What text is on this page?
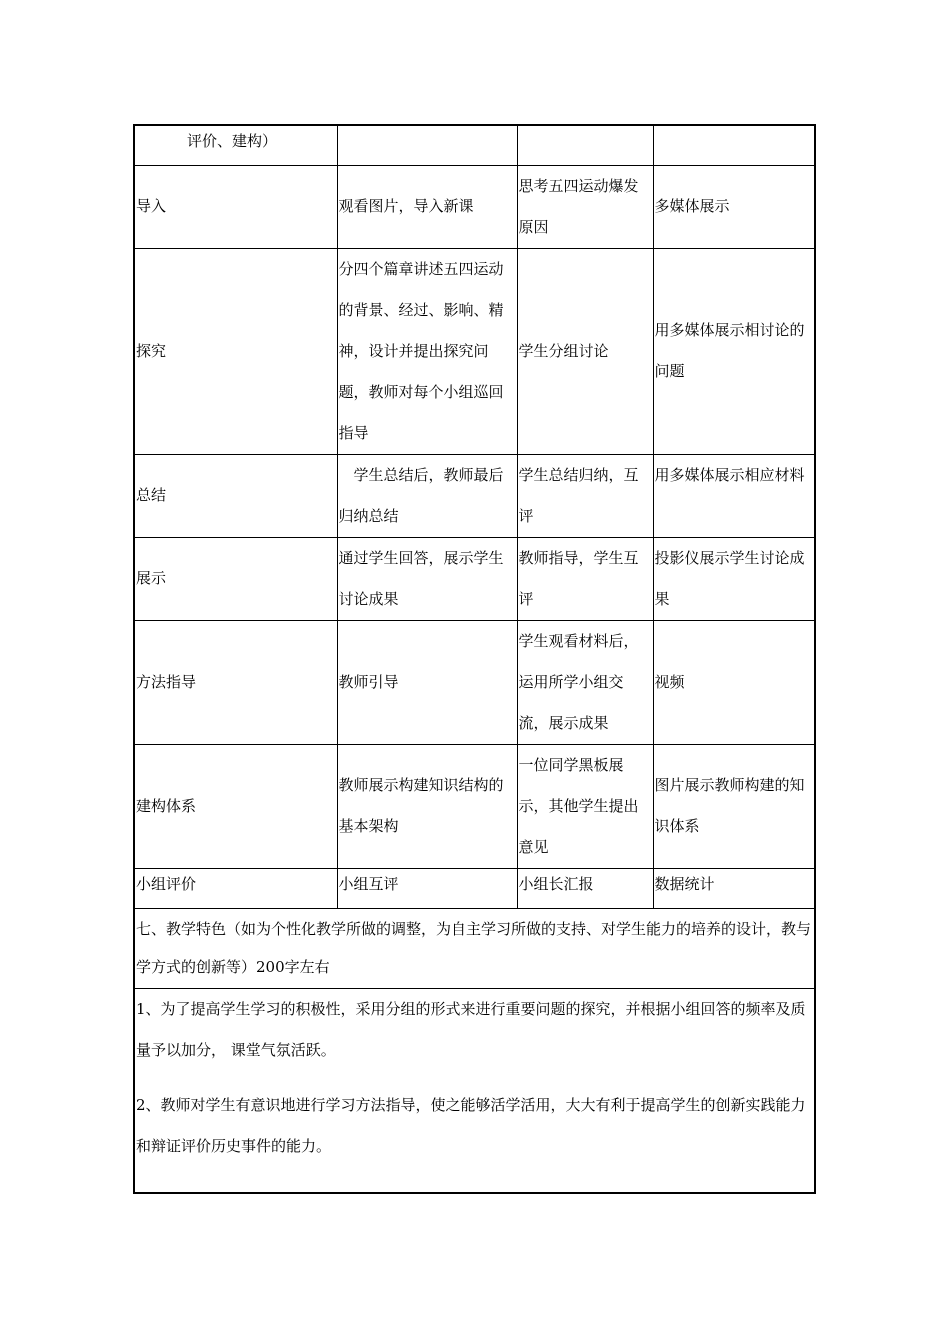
评价、建构）			
导入	观看图片，导入新课	思考五四运动爆发原因	多媒体展示
探究	分四个篇章讲述五四运动的背景、经过、影响、精神，设计并提出探究问题，教师对每个小组巡回指导	学生分组讨论	用多媒体展示相讨论的问题
总结	学生总结后，教师最后归纳总结	学生总结归纳，互评	用多媒体展示相应材料
展示	通过学生回答，展示学生讨论成果	教师指导，学生互评	投影仪展示学生讨论成果
方法指导	教师引导	学生观看材料后，运用所学小组交流，展示成果	视频
建构体系	教师展示构建知识结构的基本架构	一位同学黑板展示，其他学生提出意见	图片展示教师构建的知识体系
小组评价	小组互评	小组长汇报	数据统计
七、教学特色（如为个性化教学所做的调整，为自主学习所做的支持、对学生能力的培养的设计，教与学方式的创新等）200字左右			

1、为了提高学生学习的积极性，采用分组的形式来进行重要问题的探究，并根据小组回答的频率及质量予以加分， 课堂气氛活跃。

2、教师对学生有意识地进行学习方法指导，使之能够活学活用，大大有利于提高学生的创新实践能力和辩证评价历史事件的能力。			
